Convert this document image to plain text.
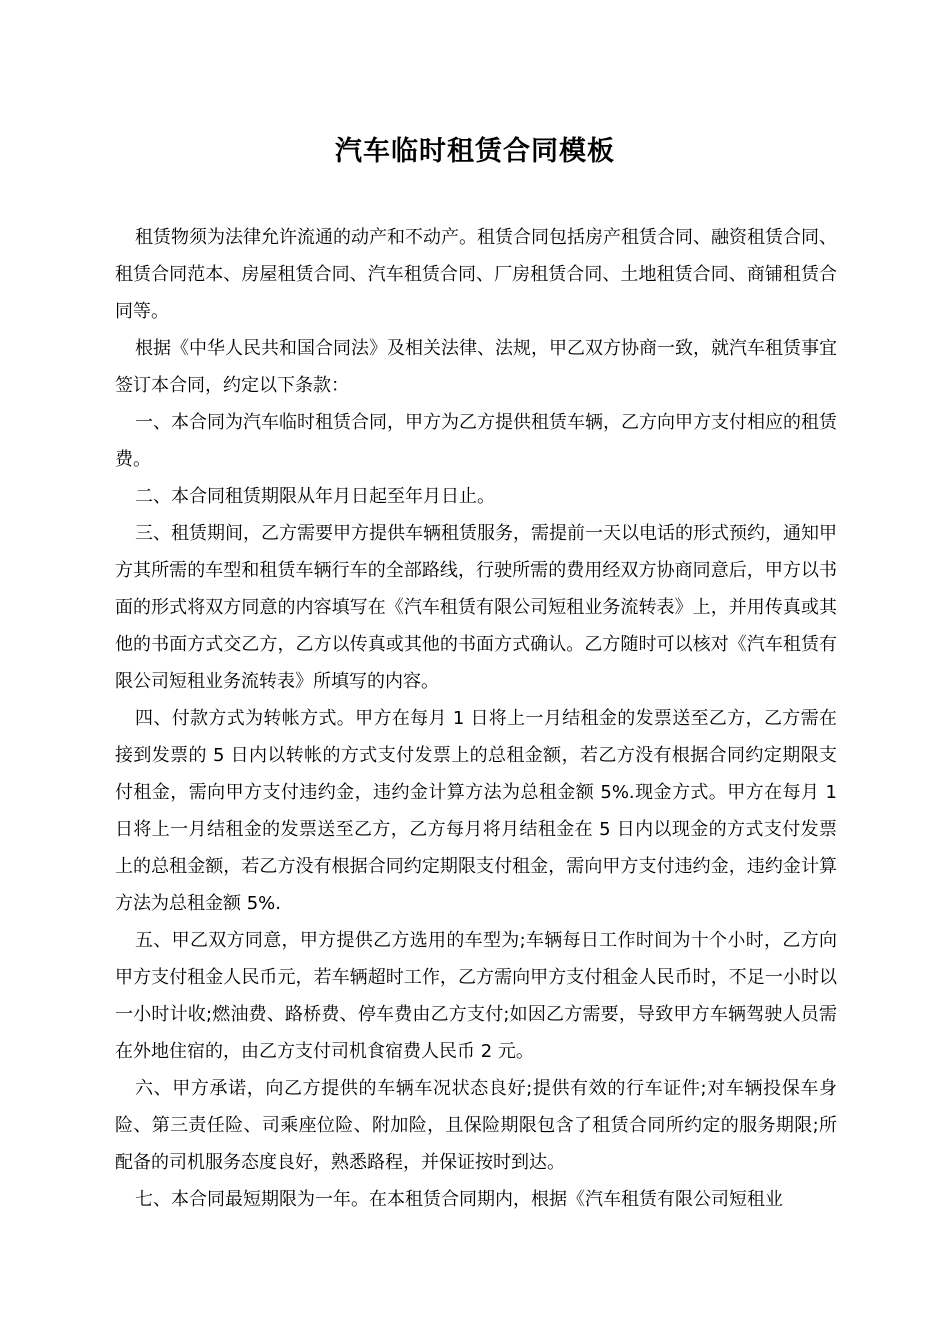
汽车临时租赁合同模板

租赁物须为法律允许流通的动产和不动产。租赁合同包括房产租赁合同、融资租赁合同、租赁合同范本、房屋租赁合同、汽车租赁合同、厂房租赁合同、土地租赁合同、商铺租赁合同等。

根据《中华人民共和国合同法》及相关法律、法规，甲乙双方协商一致，就汽车租赁事宜签订本合同，约定以下条款：

一、本合同为汽车临时租赁合同，甲方为乙方提供租赁车辆，乙方向甲方支付相应的租赁费。

二、本合同租赁期限从年月日起至年月日止。

三、租赁期间，乙方需要甲方提供车辆租赁服务，需提前一天以电话的形式预约，通知甲方其所需的车型和租赁车辆行车的全部路线，行驶所需的费用经双方协商同意后，甲方以书面的形式将双方同意的内容填写在《汽车租赁有限公司短租业务流转表》上，并用传真或其他的书面方式交乙方，乙方以传真或其他的书面方式确认。乙方随时可以核对《汽车租赁有限公司短租业务流转表》所填写的内容。

四、付款方式为转帐方式。甲方在每月 1 日将上一月结租金的发票送至乙方，乙方需在接到发票的 5 日内以转帐的方式支付发票上的总租金额，若乙方没有根据合同约定期限支付租金，需向甲方支付违约金，违约金计算方法为总租金额 5%.现金方式。甲方在每月 1 日将上一月结租金的发票送至乙方，乙方每月将月结租金在 5 日内以现金的方式支付发票上的总租金额，若乙方没有根据合同约定期限支付租金，需向甲方支付违约金，违约金计算方法为总租金额 5%.

五、甲乙双方同意，甲方提供乙方选用的车型为;车辆每日工作时间为十个小时，乙方向甲方支付租金人民币元，若车辆超时工作，乙方需向甲方支付租金人民币时，不足一小时以一小时计收;燃油费、路桥费、停车费由乙方支付;如因乙方需要，导致甲方车辆驾驶人员需在外地住宿的，由乙方支付司机食宿费人民币 2 元。

六、甲方承诺，向乙方提供的车辆车况状态良好;提供有效的行车证件;对车辆投保车身险、第三责任险、司乘座位险、附加险，且保险期限包含了租赁合同所约定的服务期限;所配备的司机服务态度良好，熟悉路程，并保证按时到达。

七、本合同最短期限为一年。在本租赁合同期内，根据《汽车租赁有限公司短租业
